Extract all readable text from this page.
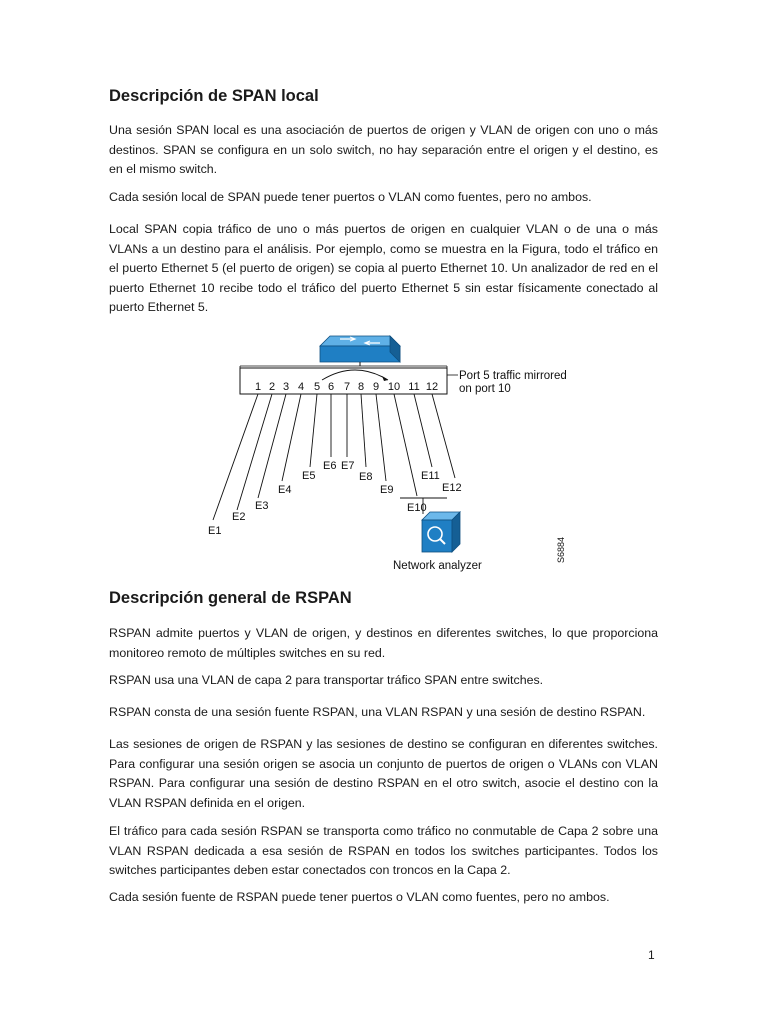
Descripción de SPAN local

Una sesión SPAN local es una asociación de puertos de origen y VLAN de origen con uno o más destinos. SPAN se configura en un solo switch, no hay separación entre el origen y el destino, es en el mismo switch.

Cada sesión local de SPAN puede tener puertos o VLAN como fuentes, pero no ambos.

Local SPAN copia tráfico de uno o más puertos de origen en cualquier VLAN o de una o más VLANs a un destino para el análisis. Por ejemplo, como se muestra en la Figura, todo el tráfico en el puerto Ethernet 5 (el puerto de origen) se copia al puerto Ethernet 10. Un analizador de red en el puerto Ethernet 10 recibe todo el tráfico del puerto Ethernet 5 sin estar físicamente conectado al puerto Ethernet 5.

Port 5 traffic mirrored
on port 10
1 2 3 4 5 6 7 8 9 10 11 12
E1
E2
E3
E4
E5
E6 E7
E8
E9
E10
E11
E12
Network analyzer
S6884
Descripción general de RSPAN

RSPAN admite puertos y VLAN de origen, y destinos en diferentes switches, lo que proporciona monitoreo remoto de múltiples switches en su red.

RSPAN usa una VLAN de capa 2 para transportar tráfico SPAN entre switches.

RSPAN consta de una sesión fuente RSPAN, una VLAN RSPAN y una sesión de destino RSPAN.

Las sesiones de origen de RSPAN y las sesiones de destino se configuran en diferentes switches. Para configurar una sesión origen se asocia un conjunto de puertos de origen o VLANs con VLAN RSPAN. Para configurar una sesión de destino RSPAN en el otro switch, asocie el destino con la VLAN RSPAN definida en el origen.

El tráfico para cada sesión RSPAN se transporta como tráfico no conmutable de Capa 2 sobre una VLAN RSPAN dedicada a esa sesión de RSPAN en todos los switches participantes. Todos los switches participantes deben estar conectados con troncos en la Capa 2.

Cada sesión fuente de RSPAN puede tener puertos o VLAN como fuentes, pero no ambos.

1
